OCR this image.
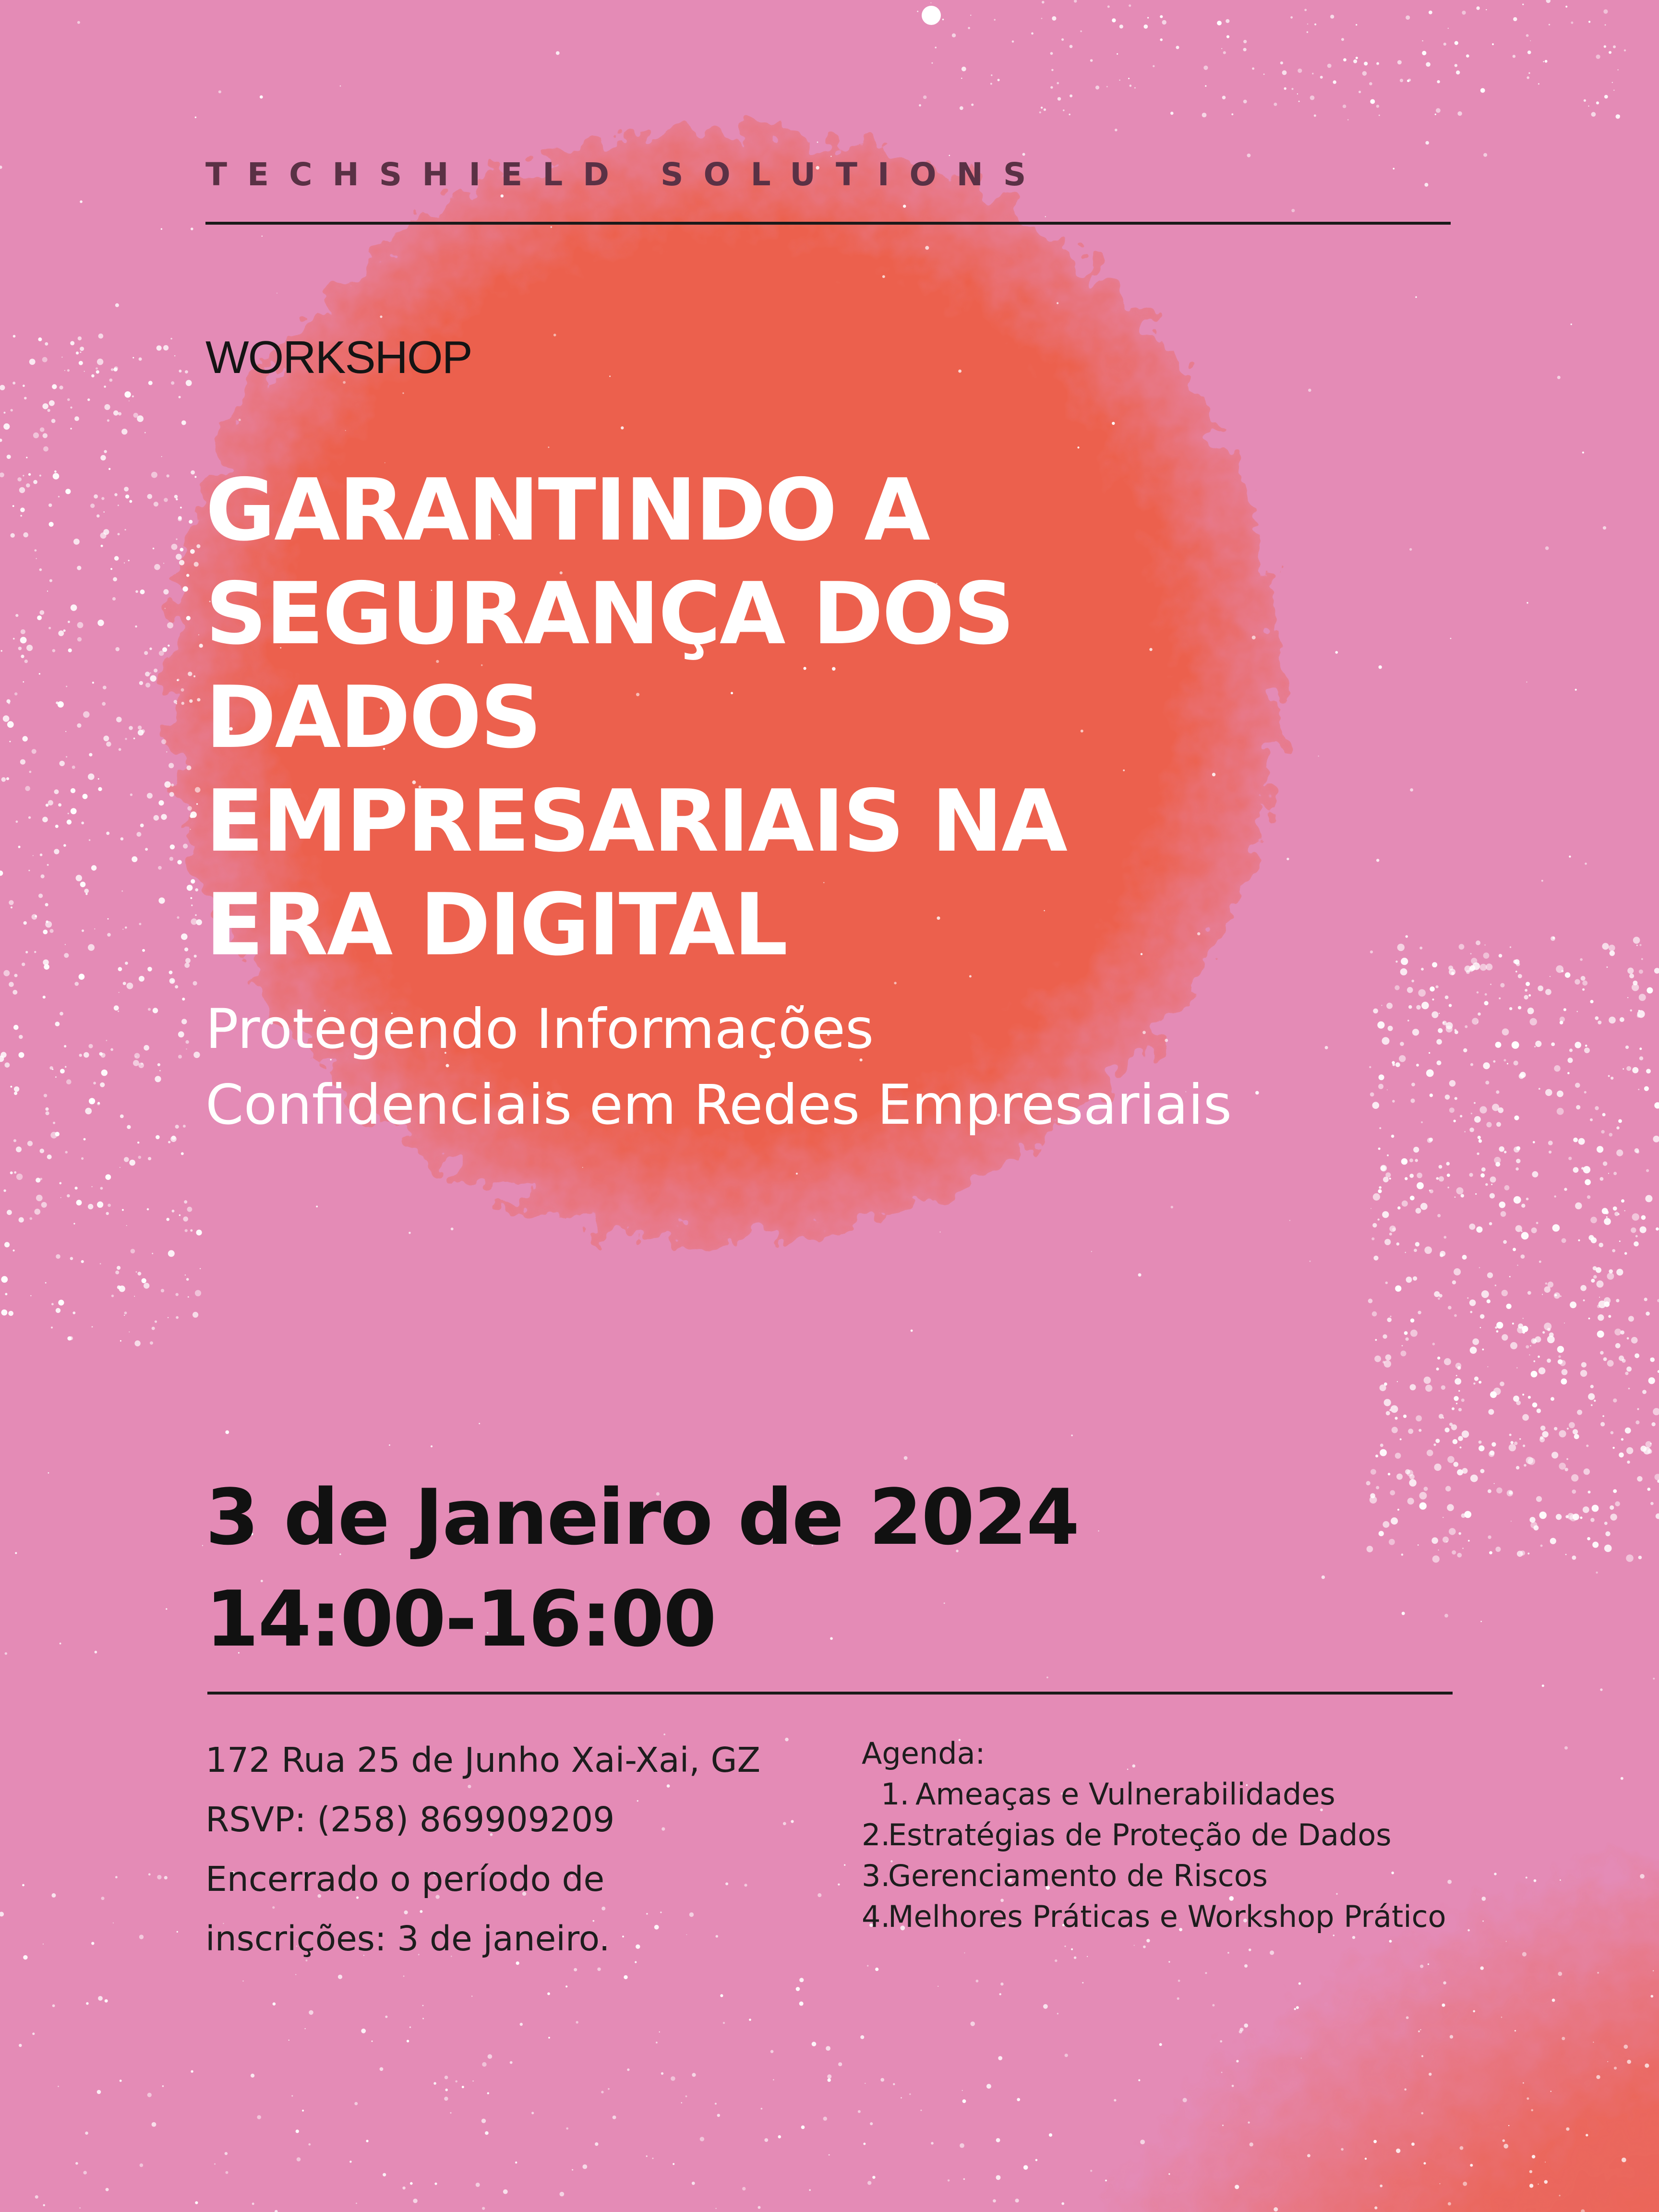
TECHSHIELD SOLUTIONS
WORKSHOP
GARANTINDO A
SEGURANÇA DOS
DADOS
EMPRESARIAIS NA
ERA DIGITAL
Protegendo Informações
Confidenciais em Redes Empresariais
3 de Janeiro de 2024
14:00-16:00
172 Rua 25 de Junho Xai-Xai, GZ
RSVP: (258) 869909209
Encerrado o período de
inscrições: 3 de janeiro.
Agenda:
1. Ameaças e Vulnerabilidades
2.
Estratégias de Proteção de Dados
3.
Gerenciamento de Riscos
4.
Melhores Práticas e Workshop Prático
